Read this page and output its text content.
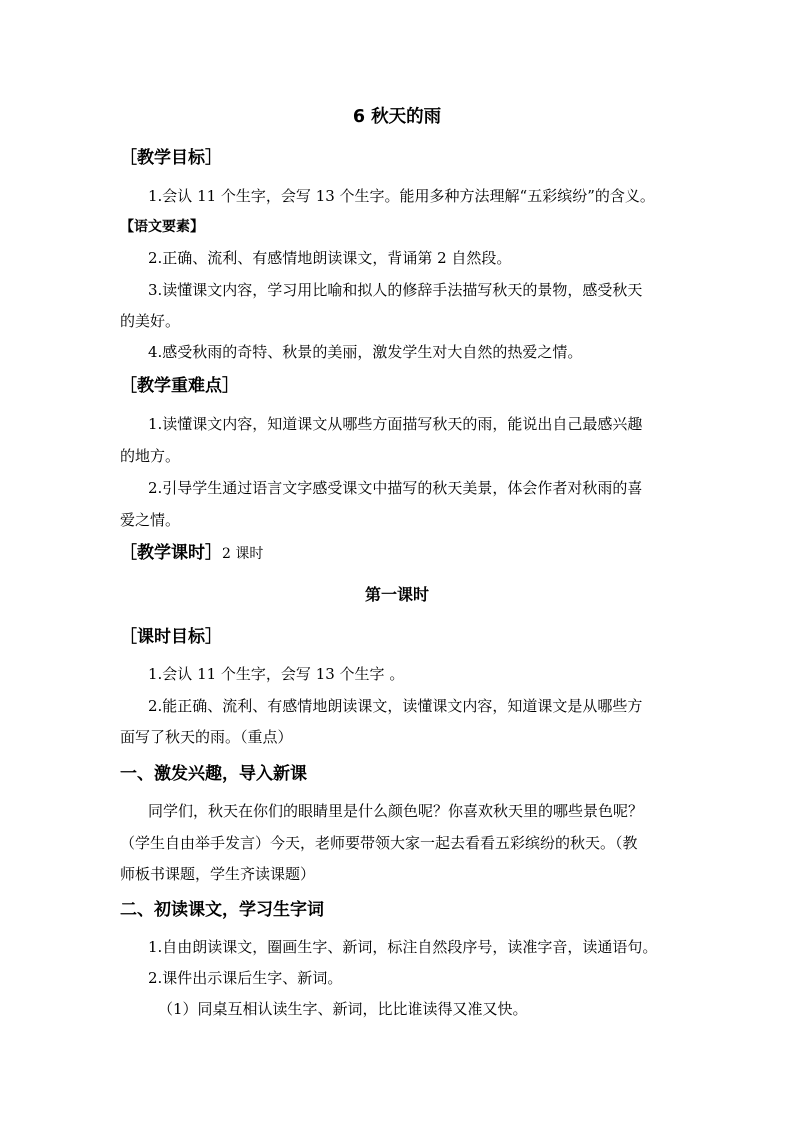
6 秋天的雨
［教学目标］
1.会认 11 个生字，会写 13 个生字。能用多种方法理解“五彩缤纷”的含义。
【语文要素】
2.正确、流利、有感情地朗读课文，背诵第 2 自然段。
3.读懂课文内容，学习用比喻和拟人的修辞手法描写秋天的景物，感受秋天
的美好。
4.感受秋雨的奇特、秋景的美丽，激发学生对大自然的热爱之情。
［教学重难点］
1.读懂课文内容，知道课文从哪些方面描写秋天的雨，能说出自己最感兴趣
的地方。
2.引导学生通过语言文字感受课文中描写的秋天美景，体会作者对秋雨的喜
爱之情。
［教学课时］2 课时
第一课时
［课时目标］
1.会认 11 个生字，会写 13 个生字 。
2.能正确、流利、有感情地朗读课文，读懂课文内容，知道课文是从哪些方
面写了秋天的雨。（重点）
一、激发兴趣，导入新课
同学们，秋天在你们的眼睛里是什么颜色呢？你喜欢秋天里的哪些景色呢？
（学生自由举手发言）今天，老师要带领大家一起去看看五彩缤纷的秋天。（教
师板书课题，学生齐读课题）
二、初读课文，学习生字词
1.自由朗读课文，圈画生字、新词，标注自然段序号，读准字音，读通语句。
2.课件出示课后生字、新词。
（1）同桌互相认读生字、新词，比比谁读得又准又快。
